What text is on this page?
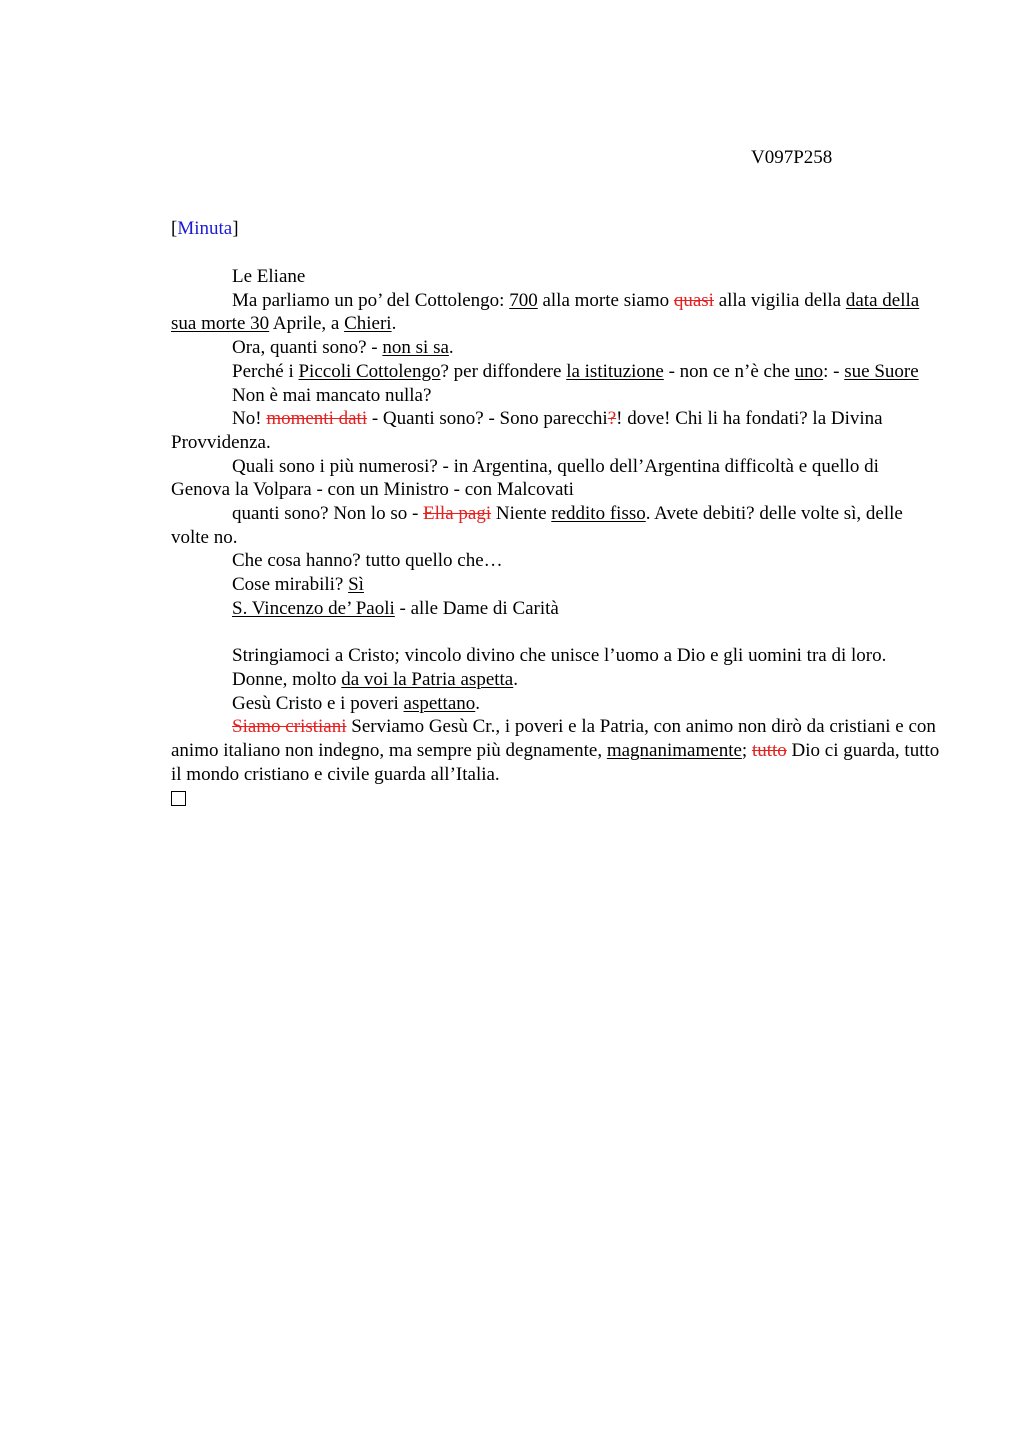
V097P258
[Minuta]

Le Eliane

Ma parliamo un po’ del Cottolengo: 700 alla morte siamo quasi alla vigilia della data della sua morte 30 Aprile, a Chieri.

Ora, quanti sono? - non si sa.

Perché i Piccoli Cottolengo? per diffondere la istituzione - non ce n’è che uno: - sue Suore

Non è mai mancato nulla?

No! momenti dati - Quanti sono? - Sono parecchi?! dove! Chi li ha fondati? la Divina Provvidenza.

Quali sono i più numerosi? - in Argentina, quello dell’Argentina difficoltà e quello di Genova la Volpara - con un Ministro - con Malcovati

quanti sono? Non lo so - Ella pagi Niente reddito fisso. Avete debiti? delle volte sì, delle volte no.

Che cosa hanno? tutto quello che…

Cose mirabili? Sì

S. Vincenzo de’ Paoli - alle Dame di Carità

Stringiamoci a Cristo; vincolo divino che unisce l’uomo a Dio e gli uomini tra di loro.

Donne, molto da voi la Patria aspetta.

Gesù Cristo e i poveri aspettano.

Siamo cristiani Serviamo Gesù Cr., i poveri e la Patria, con animo non dirò da cristiani e con animo italiano non indegno, ma sempre più degnamente, magnanimamente; tutto Dio ci guarda, tutto il mondo cristiano e civile guarda all’Italia.
